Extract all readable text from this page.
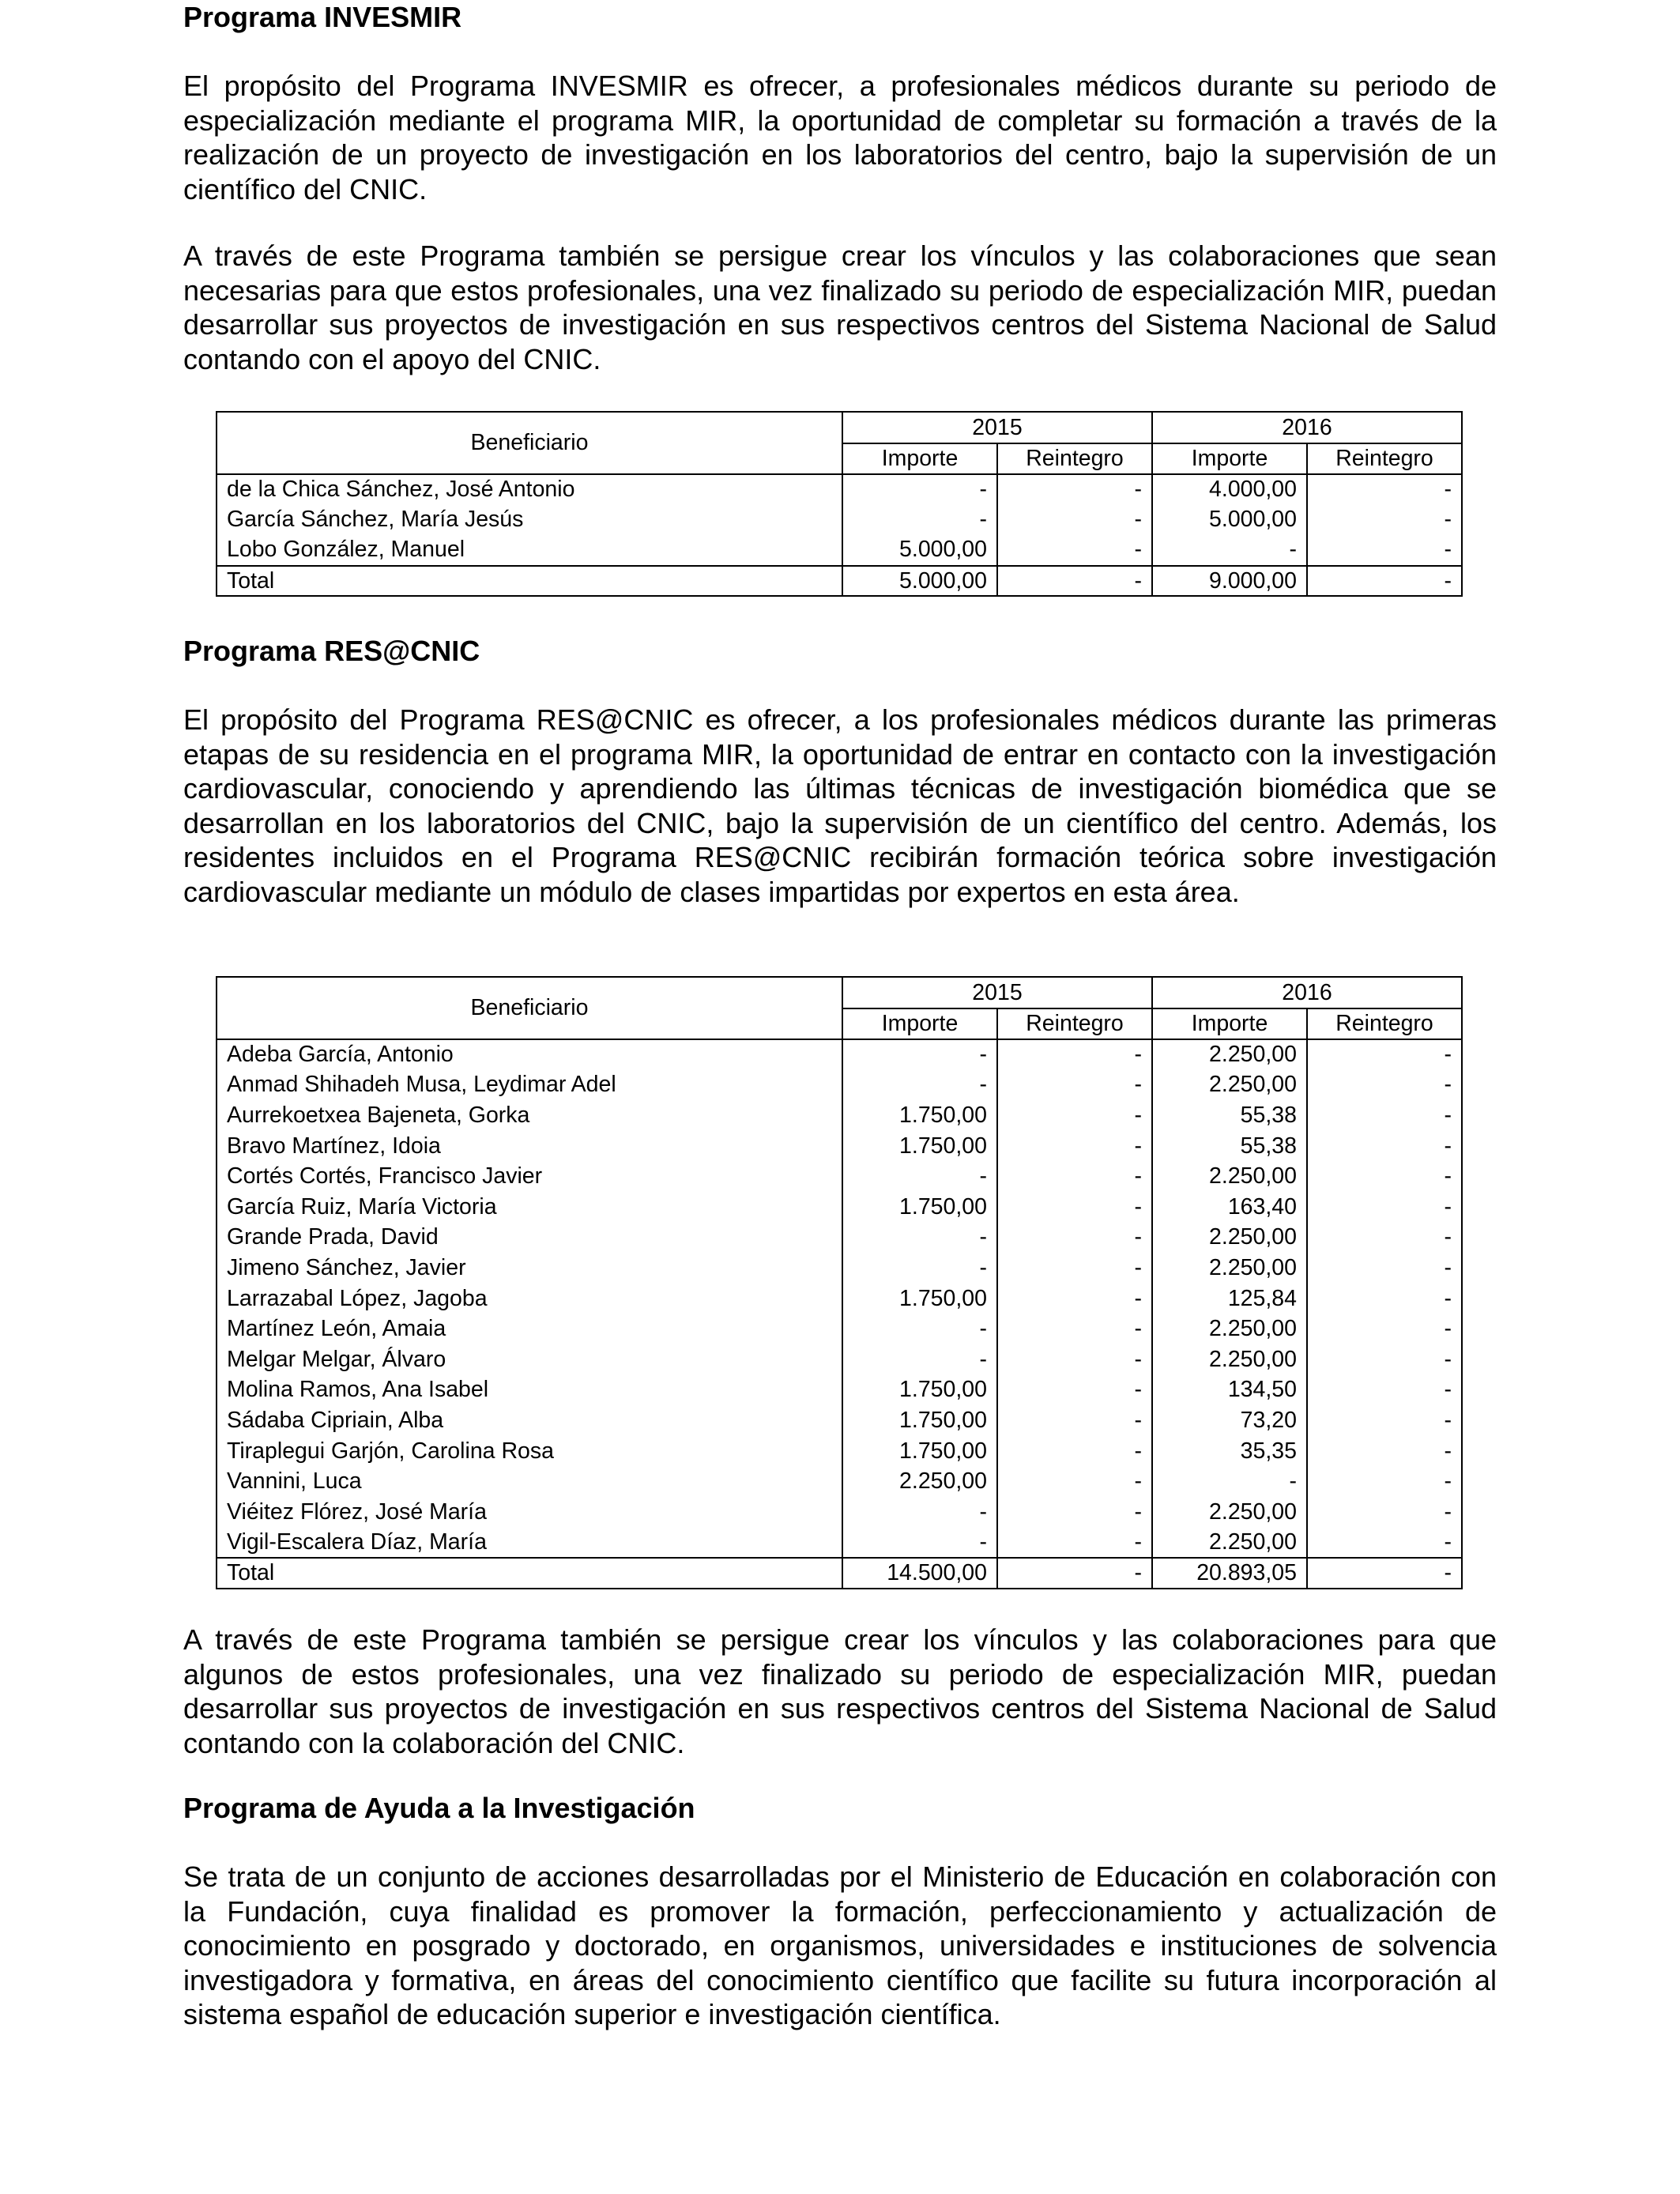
Programa INVESMIR

El propósito del Programa INVESMIR es ofrecer, a profesionales médicos durante su periodo de especialización mediante el programa MIR, la oportunidad de completar su formación a través de la realización de un proyecto de investigación en los laboratorios del centro, bajo la supervisión de un científico del CNIC.

A través de este Programa también se persigue crear los vínculos y las colaboraciones que sean necesarias para que estos profesionales, una vez finalizado su periodo de especialización MIR, puedan desarrollar sus proyectos de investigación en sus respectivos centros del Sistema Nacional de Salud contando con el apoyo del CNIC.

Programa RES@CNIC

El propósito del Programa RES@CNIC es ofrecer, a los profesionales médicos durante las primeras etapas de su residencia en el programa MIR, la oportunidad de entrar en contacto con la investigación cardiovascular, conociendo y aprendiendo las últimas técnicas de investigación biomédica que se desarrollan en los laboratorios del CNIC, bajo la supervisión de un científico del centro. Además, los residentes incluidos en el Programa RES@CNIC recibirán formación teórica sobre investigación cardiovascular mediante un módulo de clases impartidas por expertos en esta área.

A través de este Programa también se persigue crear los vínculos y las colaboraciones para que algunos de estos profesionales, una vez finalizado su periodo de especialización MIR, puedan desarrollar sus proyectos de investigación en sus respectivos centros del Sistema Nacional de Salud contando con la colaboración del CNIC.

Programa de Ayuda a la Investigación

Se trata de un conjunto de acciones desarrolladas por el Ministerio de Educación en colaboración con la Fundación, cuya finalidad es promover la formación, perfeccionamiento y actualización de conocimiento en posgrado y doctorado, en organismos, universidades e instituciones de solvencia investigadora y formativa, en áreas del conocimiento científico que facilite su futura incorporación al sistema español de educación superior e investigación científica.

Beneficiario	2015		2016	
	Importe	Reintegro	Importe	Reintegro
de la Chica Sánchez, José Antonio	-	-	4.000,00	-
García Sánchez, María Jesús	-	-	5.000,00	-
Lobo González, Manuel	5.000,00	-	-	-
Total	5.000,00	-	9.000,00	-
Beneficiario	2015		2016	
	Importe	Reintegro	Importe	Reintegro
Adeba García, Antonio	-	-	2.250,00	-
Anmad Shihadeh Musa, Leydimar Adel	-	-	2.250,00	-
Aurrekoetxea Bajeneta, Gorka	1.750,00	-	55,38	-
Bravo Martínez, Idoia	1.750,00	-	55,38	-
Cortés Cortés, Francisco Javier	-	-	2.250,00	-
García Ruiz, María Victoria	1.750,00	-	163,40	-
Grande Prada, David	-	-	2.250,00	-
Jimeno Sánchez, Javier	-	-	2.250,00	-
Larrazabal López, Jagoba	1.750,00	-	125,84	-
Martínez León, Amaia	-	-	2.250,00	-
Melgar Melgar, Álvaro	-	-	2.250,00	-
Molina Ramos, Ana Isabel	1.750,00	-	134,50	-
Sádaba Cipriain, Alba	1.750,00	-	73,20	-
Tiraplegui Garjón, Carolina Rosa	1.750,00	-	35,35	-
Vannini, Luca	2.250,00	-	-	-
Viéitez Flórez, José María	-	-	2.250,00	-
Vigil-Escalera Díaz, María	-	-	2.250,00	-
Total	14.500,00	-	20.893,05	-
